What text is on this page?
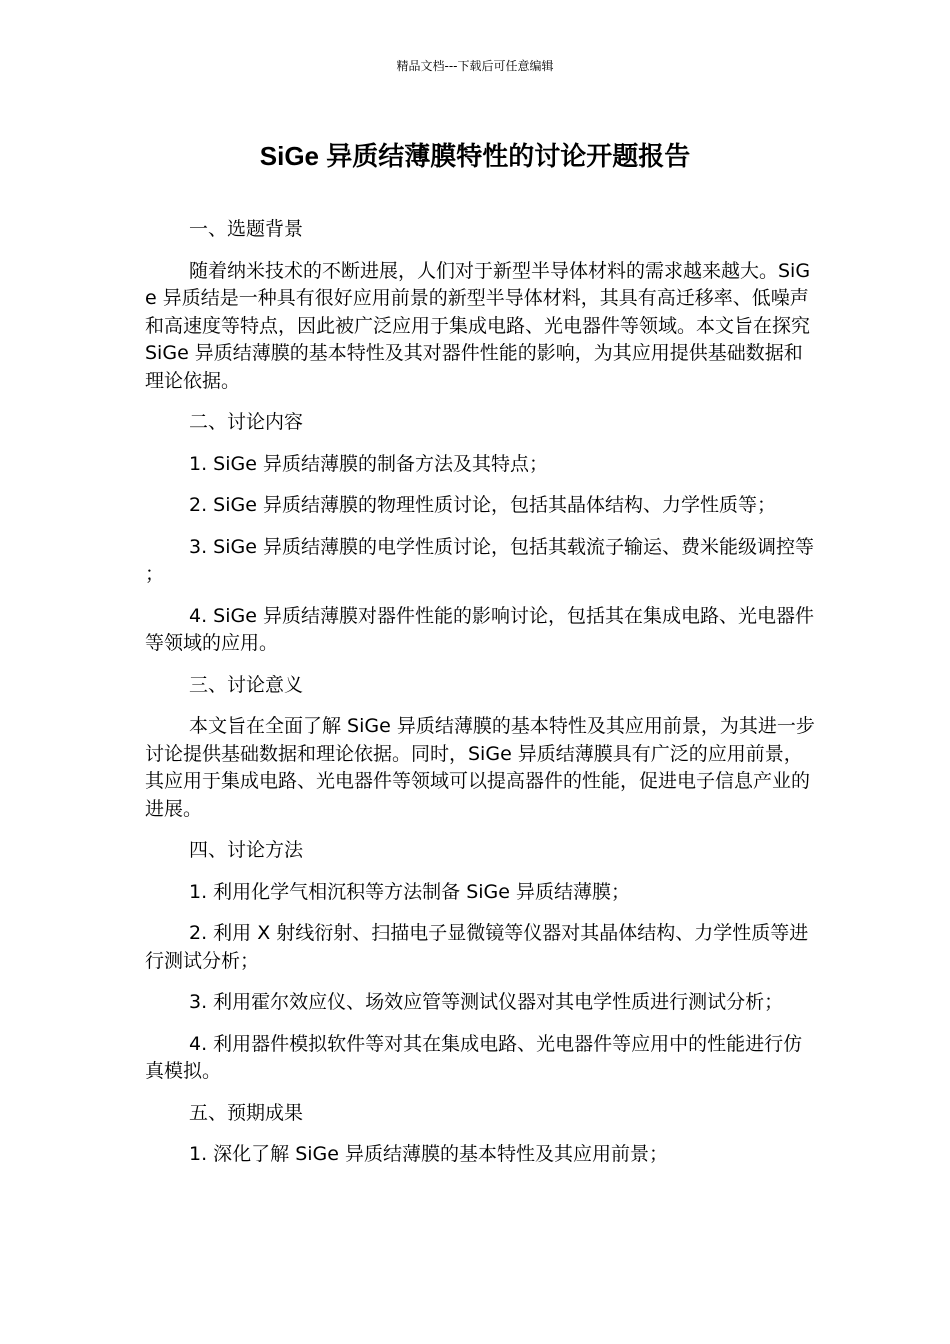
精品文档---下载后可任意编辑
SiGe 异质结薄膜特性的讨论开题报告

一、选题背景

随着纳米技术的不断进展，人们对于新型半导体材料的需求越来越大。SiGe 异质结是一种具有很好应用前景的新型半导体材料，其具有高迁移率、低噪声和高速度等特点，因此被广泛应用于集成电路、光电器件等领域。本文旨在探究 SiGe 异质结薄膜的基本特性及其对器件性能的影响，为其应用提供基础数据和理论依据。

二、讨论内容

1. SiGe 异质结薄膜的制备方法及其特点；

2. SiGe 异质结薄膜的物理性质讨论，包括其晶体结构、力学性质等；

3. SiGe 异质结薄膜的电学性质讨论，包括其载流子输运、费米能级调控等；

4. SiGe 异质结薄膜对器件性能的影响讨论，包括其在集成电路、光电器件等领域的应用。

三、讨论意义

本文旨在全面了解 SiGe 异质结薄膜的基本特性及其应用前景，为其进一步讨论提供基础数据和理论依据。同时，SiGe 异质结薄膜具有广泛的应用前景，其应用于集成电路、光电器件等领域可以提高器件的性能，促进电子信息产业的进展。

四、讨论方法

1. 利用化学气相沉积等方法制备 SiGe 异质结薄膜；

2. 利用 X 射线衍射、扫描电子显微镜等仪器对其晶体结构、力学性质等进行测试分析；

3. 利用霍尔效应仪、场效应管等测试仪器对其电学性质进行测试分析；

4. 利用器件模拟软件等对其在集成电路、光电器件等应用中的性能进行仿真模拟。

五、预期成果

1. 深化了解 SiGe 异质结薄膜的基本特性及其应用前景；
